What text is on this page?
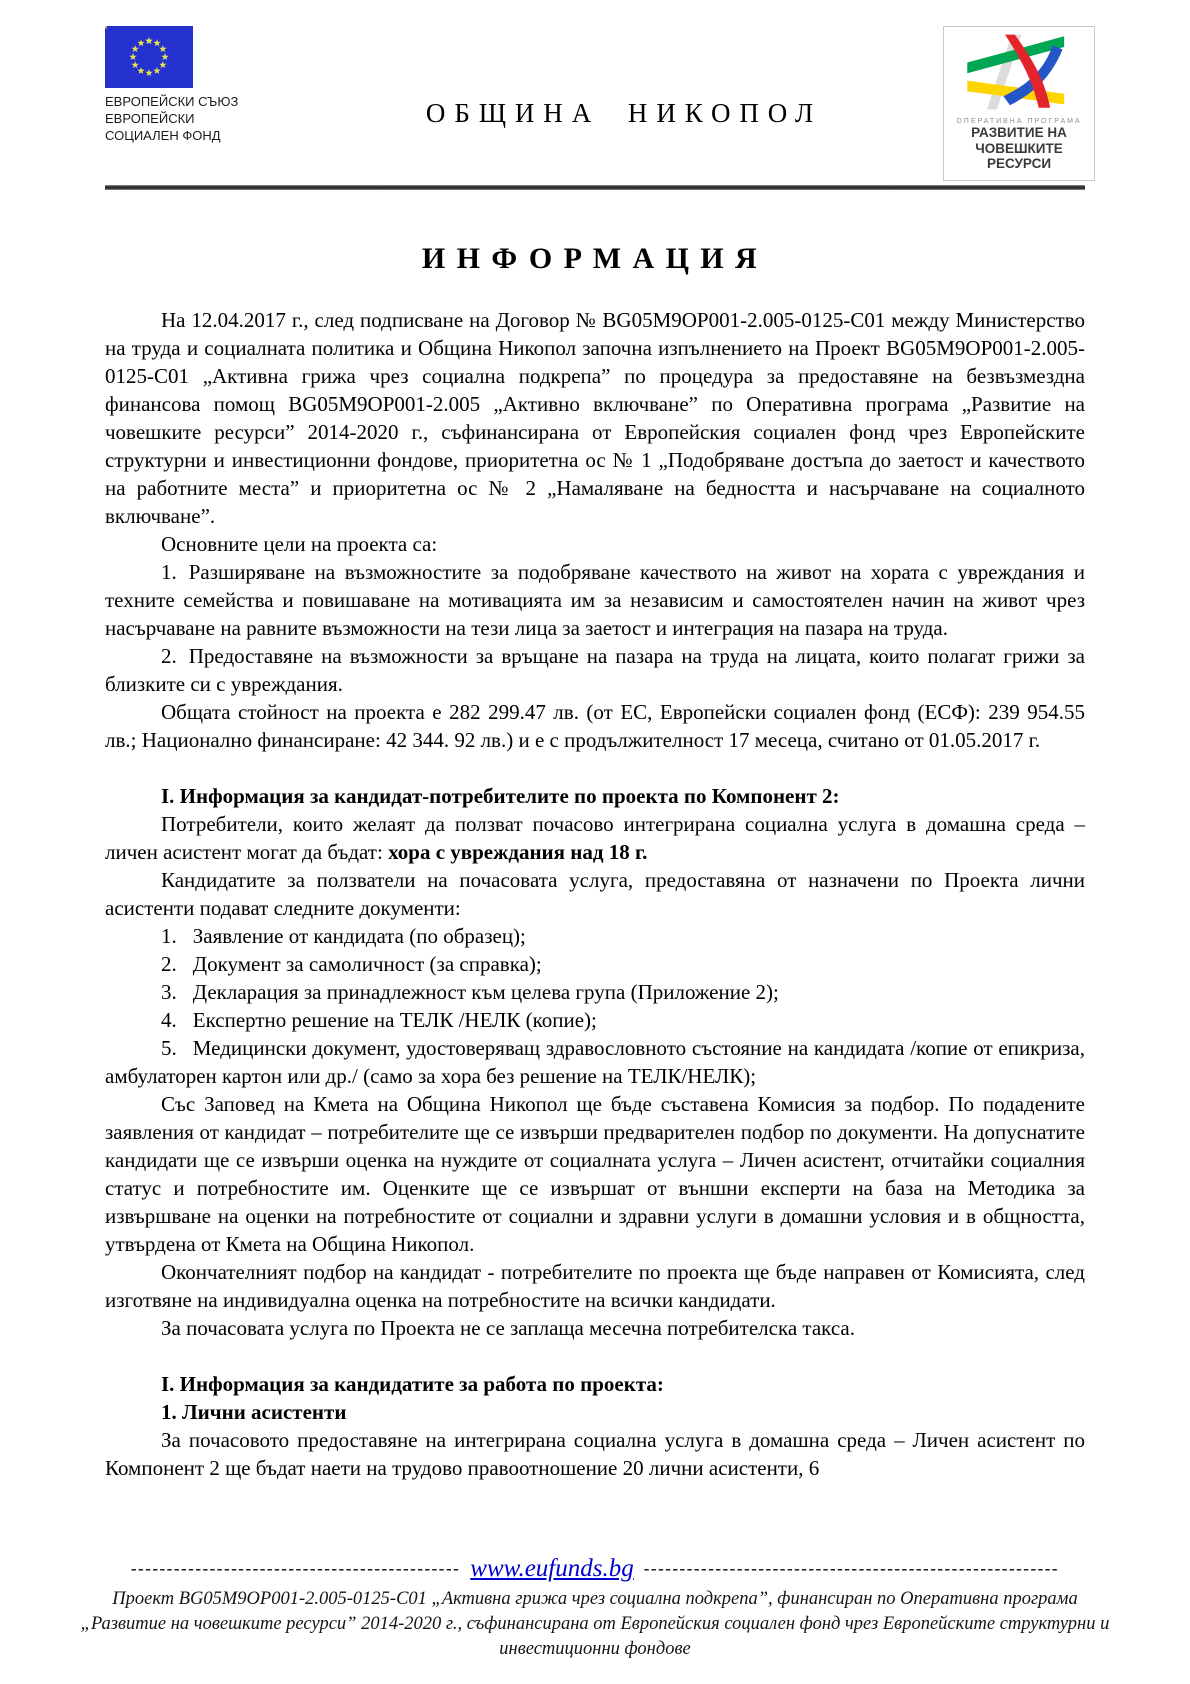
ЕВРОПЕЙСКИ СЪЮЗ
ЕВРОПЕЙСКИ
СОЦИАЛЕН ФОНД
ОБЩИНА НИКОПОЛ	ОПЕРАТИВНА ПРОГРАМА
РАЗВИТИЕ НА
ЧОВЕШКИТЕ РЕСУРСИ
ИНФОРМАЦИЯ

На 12.04.2017 г., след подписване на Договор № BG05M9OP001-2.005-0125-C01 между Министерство на труда и социалната политика и Община Никопол започна изпълнението на Проект BG05M9OP001-2.005-0125-C01 „Активна грижа чрез социална подкрепа” по процедура за предоставяне на безвъзмездна финансова помощ BG05M9OP001-2.005 „Активно включване” по Оперативна програма „Развитие на човешките ресурси” 2014-2020 г., съфинансирана от Европейския социален фонд чрез Европейските структурни и инвестиционни фондове, приоритетна ос № 1 „Подобряване достъпа до заетост и качеството на работните места” и приоритетна ос № 2 „Намаляване на бедността и насърчаване на социалното включване”.

Основните цели на проекта са:

1. Разширяване на възможностите за подобряване качеството на живот на хората с увреждания и техните семейства и повишаване на мотивацията им за независим и самостоятелен начин на живот чрез насърчаване на равните възможности на тези лица за заетост и интеграция на пазара на труда.

2. Предоставяне на възможности за връщане на пазара на труда на лицата, които полагат грижи за близките си с увреждания.

Общата стойност на проекта е 282 299.47 лв. (от ЕС, Европейски социален фонд (ЕСФ): 239 954.55 лв.; Национално финансиране: 42 344. 92 лв.) и е с продължителност 17 месеца, считано от 01.05.2017 г.

I. Информация за кандидат-потребителите по проекта по Компонент 2:

Потребители, които желаят да ползват почасово интегрирана социална услуга в домашна среда – личен асистент могат да бъдат: хора с увреждания над 18 г.

Кандидатите за ползватели на почасовата услуга, предоставяна от назначени по Проекта лични асистенти подават следните документи:

1. Заявление от кандидата (по образец);

2. Документ за самоличност (за справка);

3. Декларация за принадлежност към целева група (Приложение 2);

4. Експертно решение на ТЕЛК /НЕЛК (копие);

5. Медицински документ, удостоверяващ здравословното състояние на кандидата /копие от епикриза, амбулаторен картон или др./ (само за хора без решение на ТЕЛК/НЕЛК);

Със Заповед на Кмета на Община Никопол ще бъде съставена Комисия за подбор. По подадените заявления от кандидат – потребителите ще се извърши предварителен подбор по документи. На допуснатите кандидати ще се извърши оценка на нуждите от социалната услуга – Личен асистент, отчитайки социалния статус и потребностите им. Оценките ще се извършат от външни експерти на база на Методика за извършване на оценки на потребностите от социални и здравни услуги в домашни условия и в общността, утвърдена от Кмета на Община Никопол.

Окончателният подбор на кандидат - потребителите по проекта ще бъде направен от Комисията, след изготвяне на индивидуална оценка на потребностите на всички кандидати.

За почасовата услуга по Проекта не се заплаща месечна потребителска такса.

I. Информация за кандидатите за работа по проекта:

1. Лични асистенти

За почасовото предоставяне на интегрирана социална услуга в домашна среда – Личен асистент по Компонент 2 ще бъдат наети на трудово правоотношение 20 лични асистенти, 6

---------------------------------------------- www.eufunds.bg ----------------------------------------------------------
Проект BG05M9OP001-2.005-0125-C01 „Активна грижа чрез социална подкрепа”, финансиран по Оперативна програма „Развитие на човешките ресурси” 2014-2020 г., съфинансирана от Европейския социален фонд чрез Европейските структурни и инвестиционни фондове
